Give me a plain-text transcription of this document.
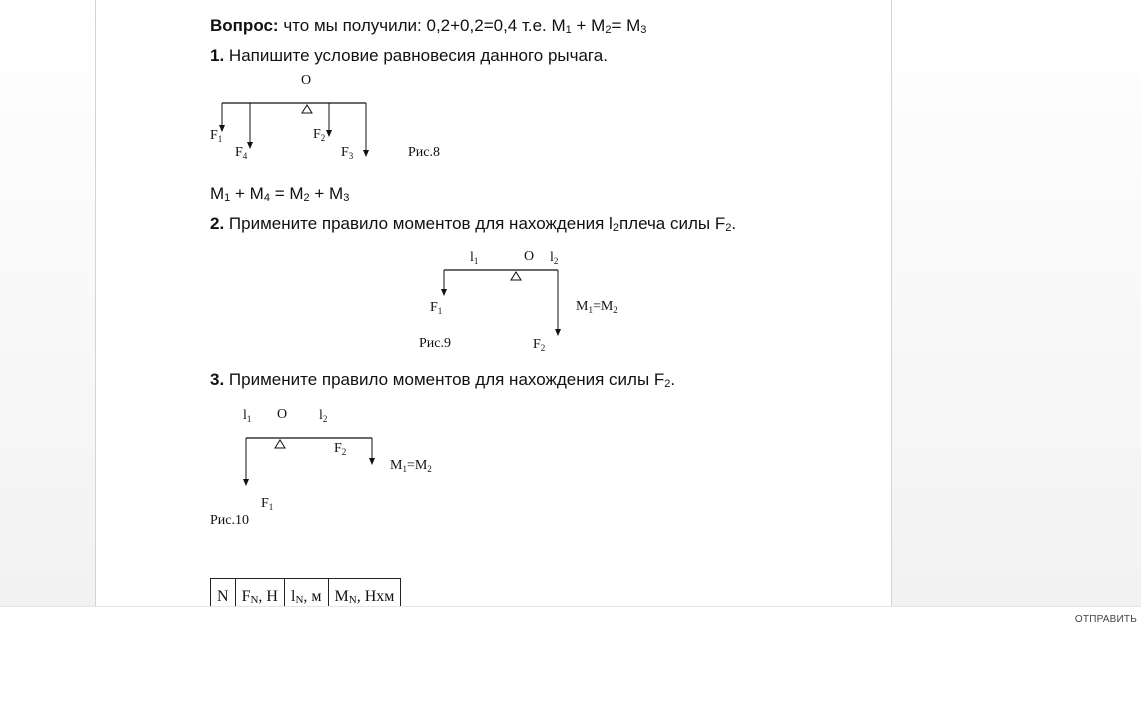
Вопрос: что мы получили: 0,2+0,2=0,4 т.е. $М_1 + М_2= М_3$
1. Напишите условие равновесия данного рычага.
О
$F_1$
$F_4$
$F_2$
$F_3$	Рис.8
$М_1 + М_4 = М_2 + М_3$
2. Примените правило моментов для нахождения $l_2плеча$ силы $F_2$.
$l_1$	O $l_2$
$F_1$	$M_1=M_2$
Рис.9	$F_2$
3. Примените правило моментов для нахождения силы $F_2$.
$l_1$ O $l_2$
$F_2$
$M_1=M_2$
$F_1$
Рис.10
N	$F_N$, Н	$l_N$, м	$M_N$, Нхм
ОТПРАВИТЬ
